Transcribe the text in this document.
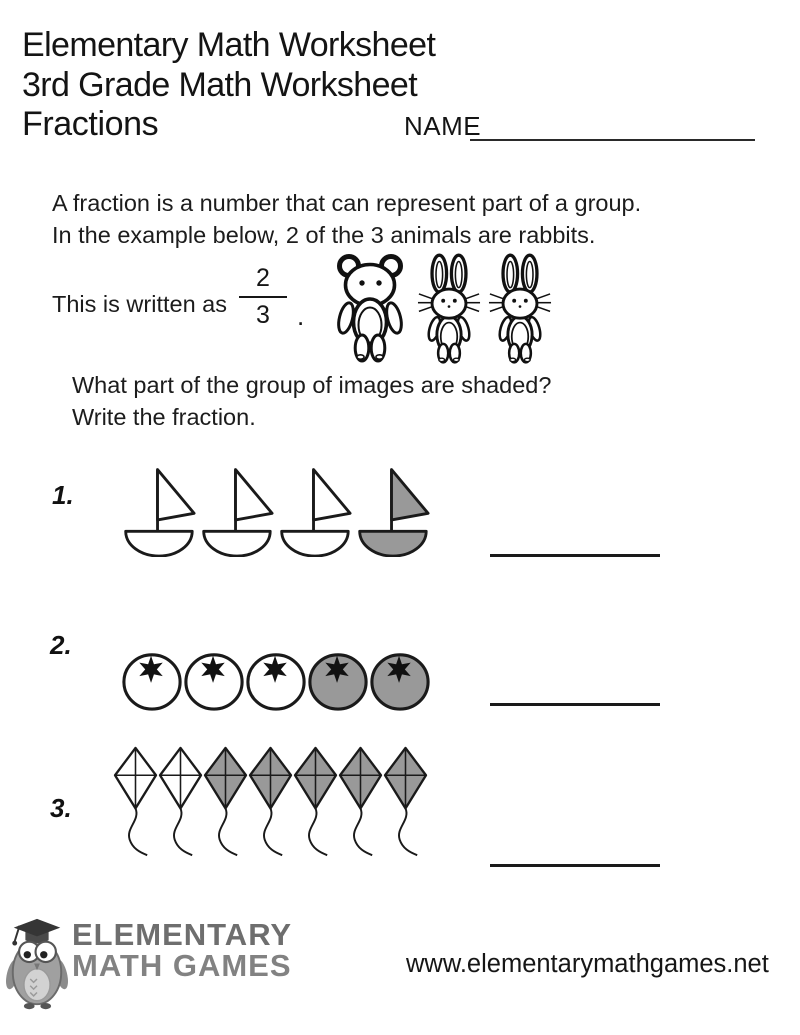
Elementary Math Worksheet
3rd Grade Math Worksheet
Fractions	NAME
A fraction is a number that can represent part of a group.
In the example below, 2 of the 3 animals are rabbits.
This is written as
2
3	.
What part of the group of images are shaded?
Write the fraction.
1.
2.
3.
ELEMENTARY
MATH GAMES	www.elementarymathgames.net
